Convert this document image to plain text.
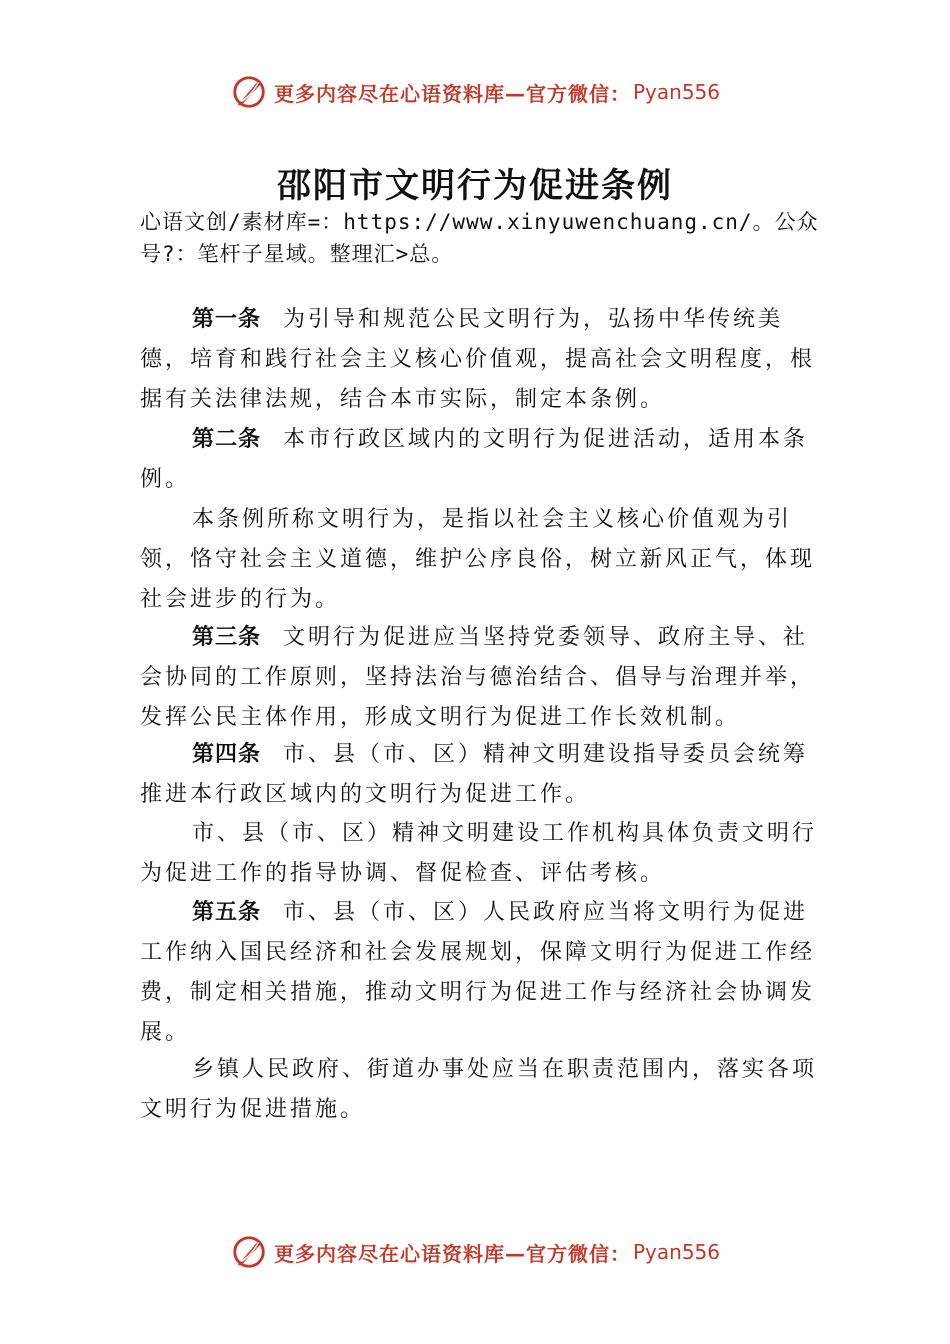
更多内容尽在心语资料库—官方微信： Pyan556
邵阳市文明行为促进条例
心语文创/素材库=：https://www.xinyuwenchuang.cn/。公众号?：笔杆子星域。整理汇>总。

第一条 为引导和规范公民文明行为，弘扬中华传统美德，培育和践行社会主义核心价值观，提高社会文明程度，根据有关法律法规，结合本市实际，制定本条例。

第二条 本市行政区域内的文明行为促进活动，适用本条例。

本条例所称文明行为，是指以社会主义核心价值观为引领，恪守社会主义道德，维护公序良俗，树立新风正气，体现社会进步的行为。

第三条 文明行为促进应当坚持党委领导、政府主导、社会协同的工作原则，坚持法治与德治结合、倡导与治理并举，发挥公民主体作用，形成文明行为促进工作长效机制。

第四条 市、县（市、区）精神文明建设指导委员会统筹推进本行政区域内的文明行为促进工作。

市、县（市、区）精神文明建设工作机构具体负责文明行为促进工作的指导协调、督促检查、评估考核。

第五条 市、县（市、区）人民政府应当将文明行为促进工作纳入国民经济和社会发展规划，保障文明行为促进工作经费，制定相关措施，推动文明行为促进工作与经济社会协调发展。

乡镇人民政府、街道办事处应当在职责范围内，落实各项文明行为促进措施。

更多内容尽在心语资料库—官方微信： Pyan556
